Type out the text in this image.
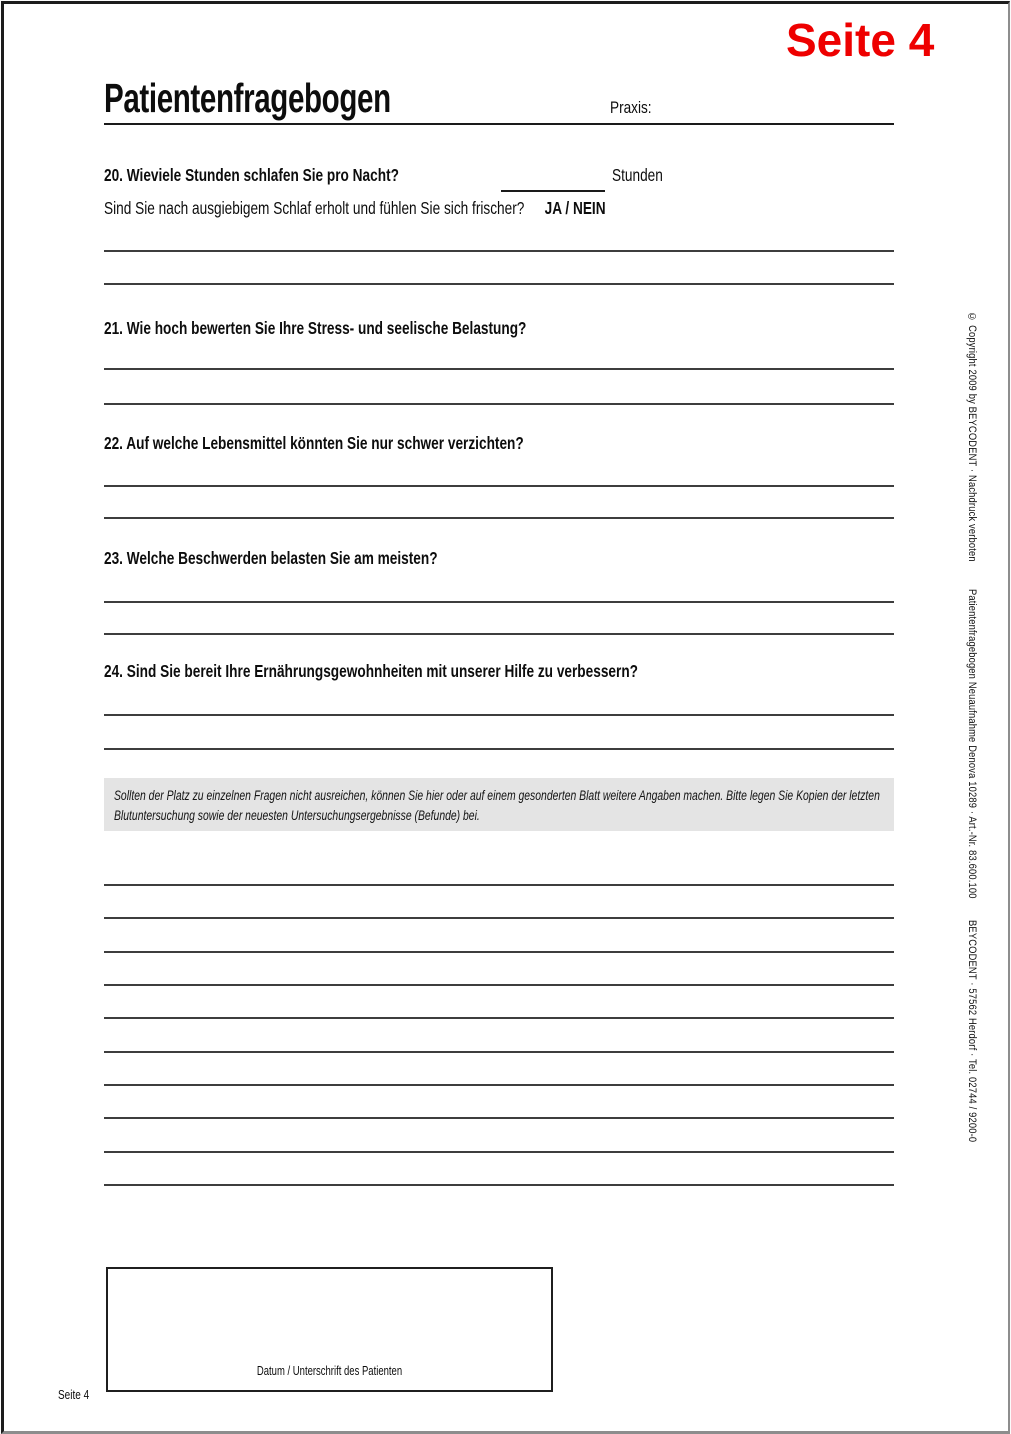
Seite 4
Patientenfragebogen	Praxis:
20. Wieviele Stunden schlafen Sie pro Nacht?	Stunden
Sind Sie nach ausgiebigem Schlaf erholt und fühlen Sie sich frischer? JA / NEIN
21. Wie hoch bewerten Sie Ihre Stress- und seelische Belastung?
22. Auf welche Lebensmittel könnten Sie nur schwer verzichten?
23. Welche Beschwerden belasten Sie am meisten?
24. Sind Sie bereit Ihre Ernährungsgewohnheiten mit unserer Hilfe zu verbessern?
Sollten der Platz zu einzelnen Fragen nicht ausreichen, können Sie hier oder auf einem gesonderten Blatt weitere Angaben machen. Bitte legen Sie Kopien der letzten Blutuntersuchung sowie der neuesten Untersuchungsergebnisse (Befunde) bei.
Datum / Unterschrift des Patienten
Seite 4
© Copyright 2009 by BEYCODENT · Nachdruck verboten
Patientenfragebogen Neuaufnahme Denova 10289 · Art.-Nr. 83.600.100
BEYCODENT · 57562 Herdorf · Tel. 02744 / 9200-0
